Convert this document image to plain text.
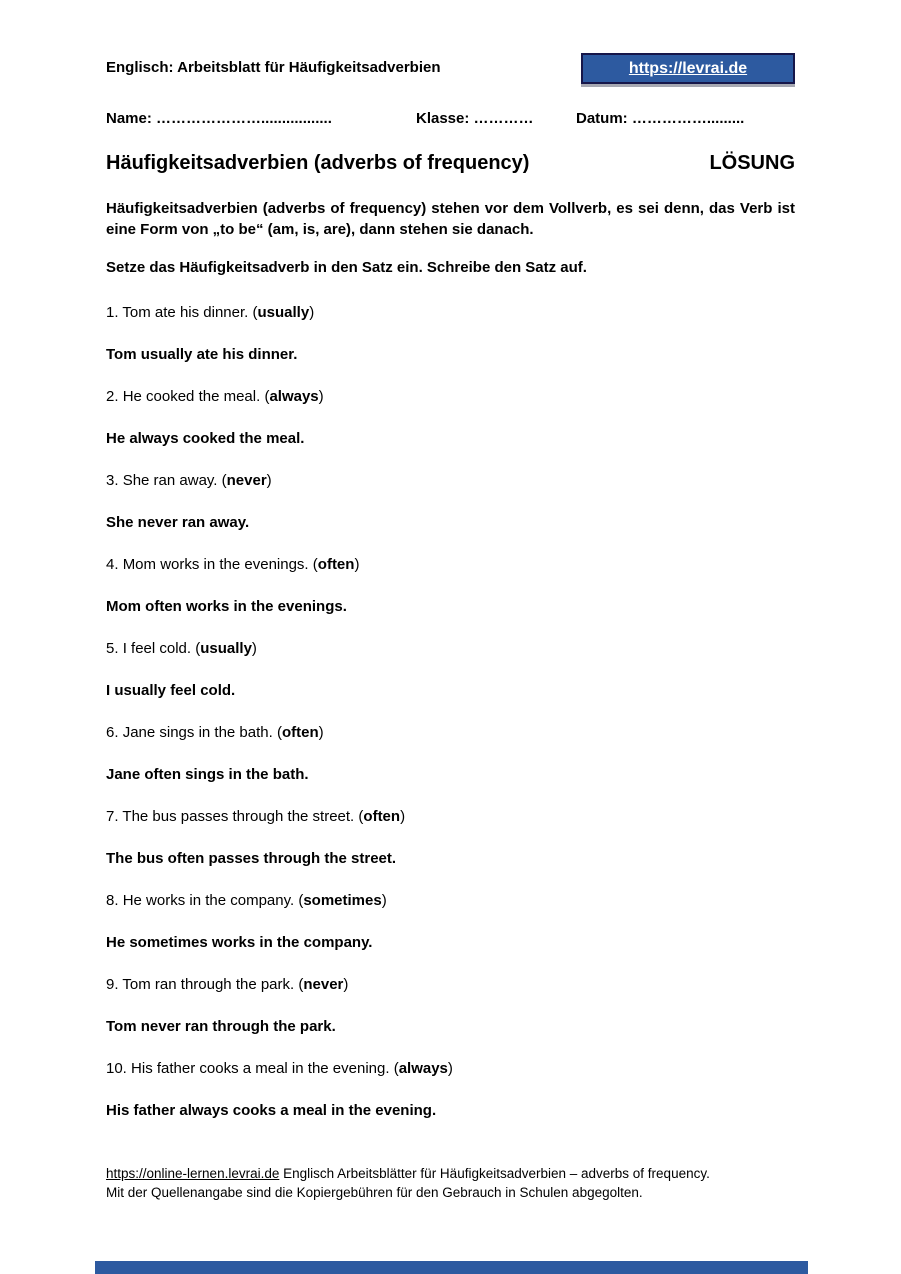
Englisch: Arbeitsblatt für Häufigkeitsadverbien	https://levrai.de
Name: ………………….................	Klasse: …………	Datum: …………….........
Häufigkeitsadverbien (adverbs of frequency)	LÖSUNG

Häufigkeitsadverbien (adverbs of frequency) stehen vor dem Vollverb, es sei denn, das Verb ist eine Form von „to be“ (am, is, are), dann stehen sie danach.

Setze das Häufigkeitsadverb in den Satz ein. Schreibe den Satz auf.

1. Tom ate his dinner. ( usually )

Tom usually ate his dinner.

2. He cooked the meal. ( always )

He always cooked the meal.

3. She ran away. ( never )

She never ran away.

4. Mom works in the evenings. ( often )

Mom often works in the evenings.

5. I feel cold. ( usually )

I usually feel cold.

6. Jane sings in the bath. ( often )

Jane often sings in the bath.

7. The bus passes through the street. ( often )

The bus often passes through the street.

8. He works in the company. ( sometimes )

He sometimes works in the company.

9. Tom ran through the park. ( never )

Tom never ran through the park.

10. His father cooks a meal in the evening. ( always )

His father always cooks a meal in the evening.

https://online-lernen.levrai.de Englisch Arbeitsblätter für Häufigkeitsadverbien – adverbs of frequency.
Mit der Quellenangabe sind die Kopiergebühren für den Gebrauch in Schulen abgegolten.
